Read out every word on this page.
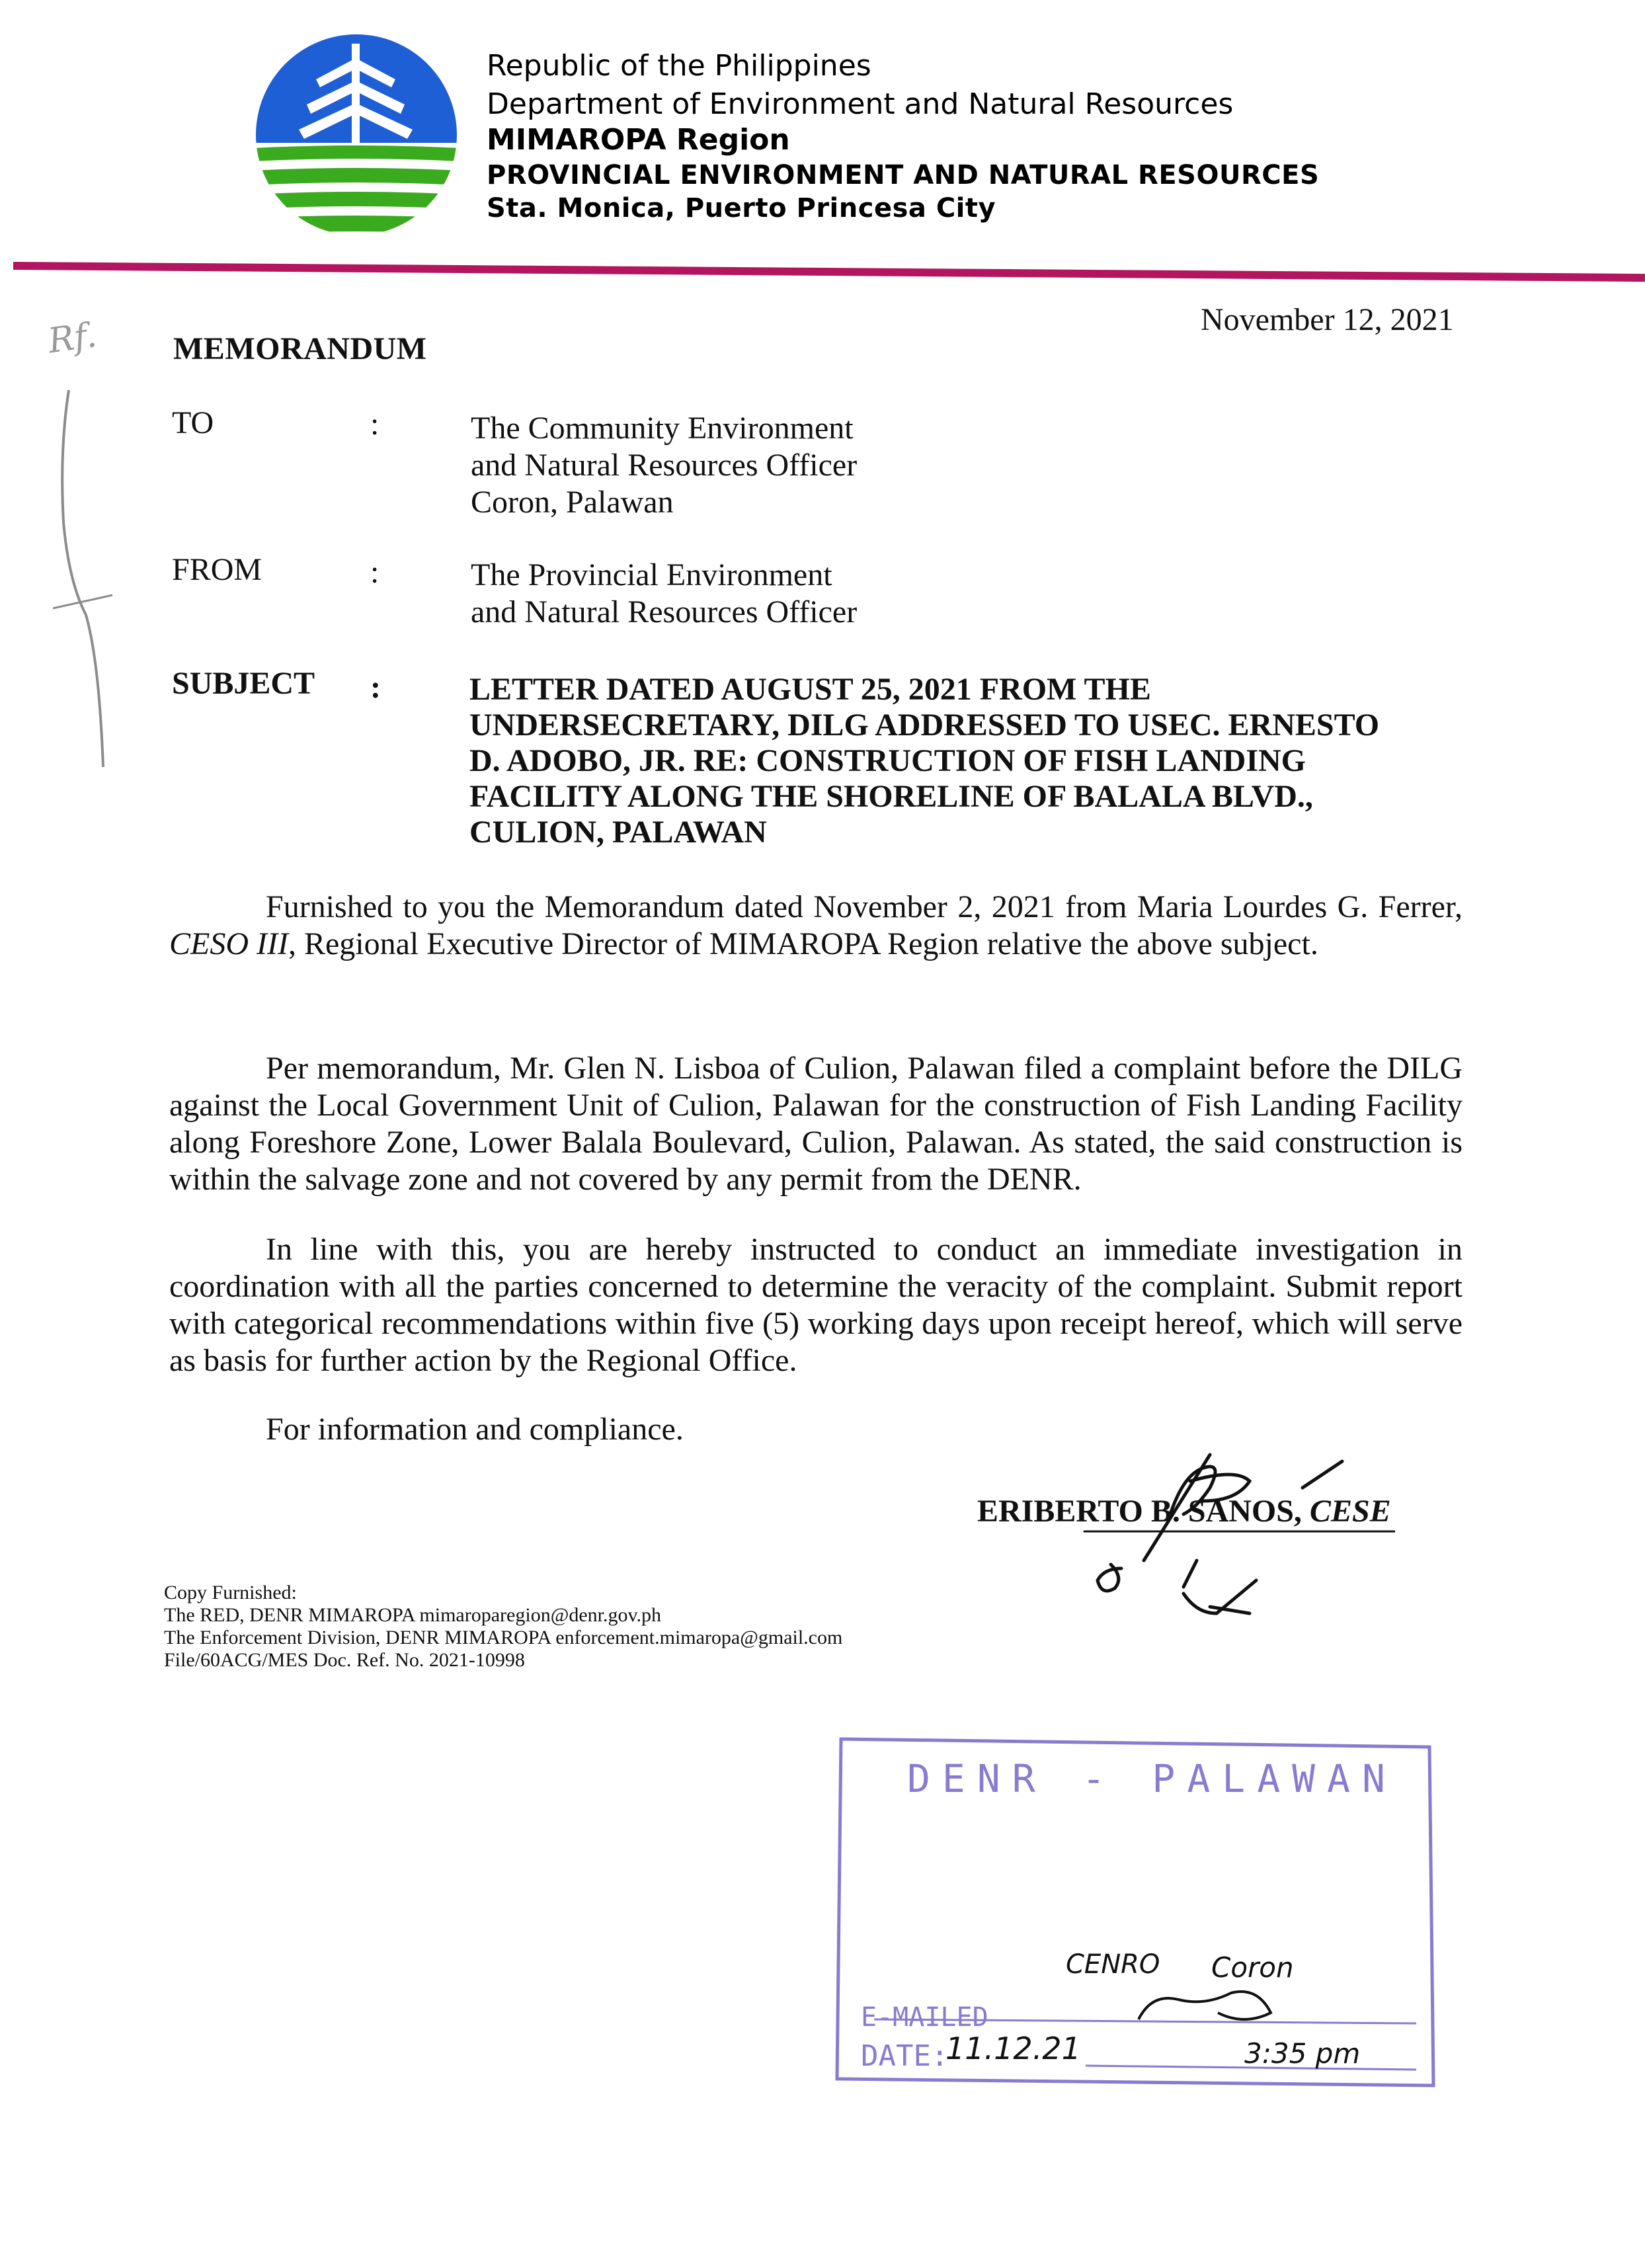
Republic of the Philippines
Department of Environment and Natural Resources
MIMAROPA Region
PROVINCIAL ENVIRONMENT AND NATURAL RESOURCES
Sta. Monica, Puerto Princesa City
Rf.	November 12, 2021
MEMORANDUM
TO	:	The Community Environment
and Natural Resources Officer
Coron, Palawan
FROM	:	The Provincial Environment
and Natural Resources Officer
SUBJECT :	LETTER DATED AUGUST 25, 2021 FROM THE
UNDERSECRETARY, DILG ADDRESSED TO USEC. ERNESTO
D. ADOBO, JR. RE: CONSTRUCTION OF FISH LANDING
FACILITY ALONG THE SHORELINE OF BALALA BLVD.,
CULION, PALAWAN

Furnished to you the Memorandum dated November 2, 2021 from Maria Lourdes G. Ferrer, CESO III, Regional Executive Director of MIMAROPA Region relative the above subject.

Per memorandum, Mr. Glen N. Lisboa of Culion, Palawan filed a complaint before the DILG against the Local Government Unit of Culion, Palawan for the construction of Fish Landing Facility along Foreshore Zone, Lower Balala Boulevard, Culion, Palawan. As stated, the said construction is within the salvage zone and not covered by any permit from the DENR.

In line with this, you are hereby instructed to conduct an immediate investigation in coordination with all the parties concerned to determine the veracity of the complaint. Submit report with categorical recommendations within five (5) working days upon receipt hereof, which will serve as basis for further action by the Regional Office.

For information and compliance.
ERIBERTO B. SANOS, CESE
Copy Furnished:
The RED, DENR MIMAROPA mimaroparegion@denr.gov.ph
The Enforcement Division, DENR MIMAROPA enforcement.mimaropa@gmail.com
File/60ACG/MES Doc. Ref. No. 2021-10998
DENR - PALAWAN
E-MAILED
DATE:
CENRO Coron
11.12.21	3:35 pm
